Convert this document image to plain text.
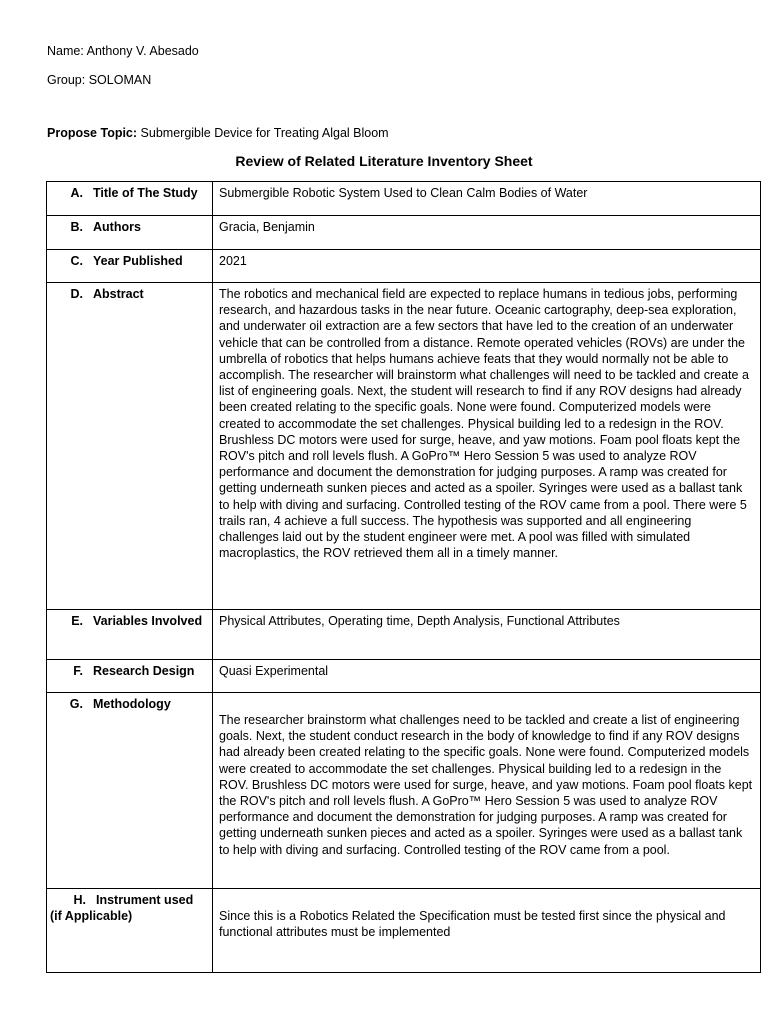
Name: Anthony V. Abesado
Group: SOLOMAN
Propose Topic: Submergible Device for Treating Algal Bloom
Review of Related Literature Inventory Sheet
A. Title of The Study	Submergible Robotic System Used to Clean Calm Bodies of Water

B. Authors	Gracia, Benjamin

C. Year Published	2021

D. Abstract	The robotics and mechanical field are expected to replace humans in tedious jobs, performing research, and hazardous tasks in the near future. Oceanic cartography, deep-sea exploration, and underwater oil extraction are a few sectors that have led to the creation of an underwater vehicle that can be controlled from a distance. Remote operated vehicles (ROVs) are under the umbrella of robotics that helps humans achieve feats that they would normally not be able to accomplish. The researcher will brainstorm what challenges will need to be tackled and create a list of engineering goals. Next, the student will research to find if any ROV designs had already been created relating to the specific goals. None were found. Computerized models were created to accommodate the set challenges. Physical building led to a redesign in the ROV. Brushless DC motors were used for surge, heave, and yaw motions. Foam pool floats kept the ROV's pitch and roll levels flush. A GoPro™ Hero Session 5 was used to analyze ROV performance and document the demonstration for judging purposes. A ramp was created for getting underneath sunken pieces and acted as a spoiler. Syringes were used as a ballast tank to help with diving and surfacing. Controlled testing of the ROV came from a pool. There were 5 trails ran, 4 achieve a full success. The hypothesis was supported and all engineering challenges laid out by the student engineer were met. A pool was filled with simulated macroplastics, the ROV retrieved them all in a timely manner.

E. Variables Involved	Physical Attributes, Operating time, Depth Analysis, Functional Attributes

F. Research Design	Quasi Experimental

G. Methodology	The researcher brainstorm what challenges need to be tackled and create a list of engineering goals. Next, the student conduct research in the body of knowledge to find if any ROV designs had already been created relating to the specific goals. None were found. Computerized models were created to accommodate the set challenges. Physical building led to a redesign in the ROV. Brushless DC motors were used for surge, heave, and yaw motions. Foam pool floats kept the ROV's pitch and roll levels flush. A GoPro™ Hero Session 5 was used to analyze ROV performance and document the demonstration for judging purposes. A ramp was created for getting underneath sunken pieces and acted as a spoiler. Syringes were used as a ballast tank to help with diving and surfacing. Controlled testing of the ROV came from a pool.

H. Instrument used
(if Applicable)	Since this is a Robotics Related the Specification must be tested first since the physical and functional attributes must be implemented
